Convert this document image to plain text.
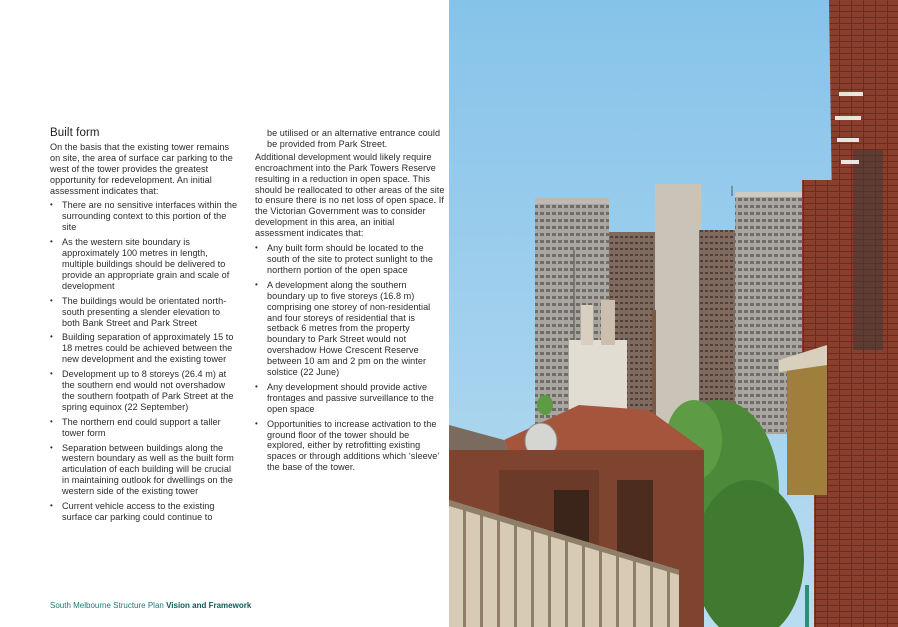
Built form

On the basis that the existing tower remains on site, the area of surface car parking to the west of the tower provides the greatest opportunity for redevelopment. An initial assessment indicates that:

• There are no sensitive interfaces within the surrounding context to this portion of the site
• As the western site boundary is approximately 100 metres in length, multiple buildings should be delivered to provide an appropriate grain and scale of development
• The buildings would be orientated north-south presenting a slender elevation to both Bank Street and Park Street
• Building separation of approximately 15 to 18 metres could be achieved between the new development and the existing tower
• Development up to 8 storeys (26.4 m) at the southern end would not overshadow the southern footpath of Park Street at the spring equinox (22 September)
• The northern end could support a taller tower form
• Separation between buildings along the western boundary as well as the built form articulation of each building will be crucial in maintaining outlook for dwellings on the western side of the existing tower
• Current vehicle access to the existing surface car parking could continue to

be utilised or an alternative entrance could be provided from Park Street.

Additional development would likely require encroachment into the Park Towers Reserve resulting in a reduction in open space. This should be reallocated to other areas of the site to ensure there is no net loss of open space. If the Victorian Government was to consider development in this area, an initial assessment indicates that:

• Any built form should be located to the south of the site to protect sunlight to the northern portion of the open space
• A development along the southern boundary up to five storeys (16.8 m) comprising one storey of non-residential and four storeys of residential that is setback 6 metres from the property boundary to Park Street would not overshadow Howe Crescent Reserve between 10 am and 2 pm on the winter solstice (22 June)
• Any development should provide active frontages and passive surveillance to the open space
• Opportunities to increase activation to the ground floor of the tower should be explored, either by retrofitting existing spaces or through additions which ‘sleeve’ the base of the tower.
South Melbourne Structure Plan Vision and Framework
